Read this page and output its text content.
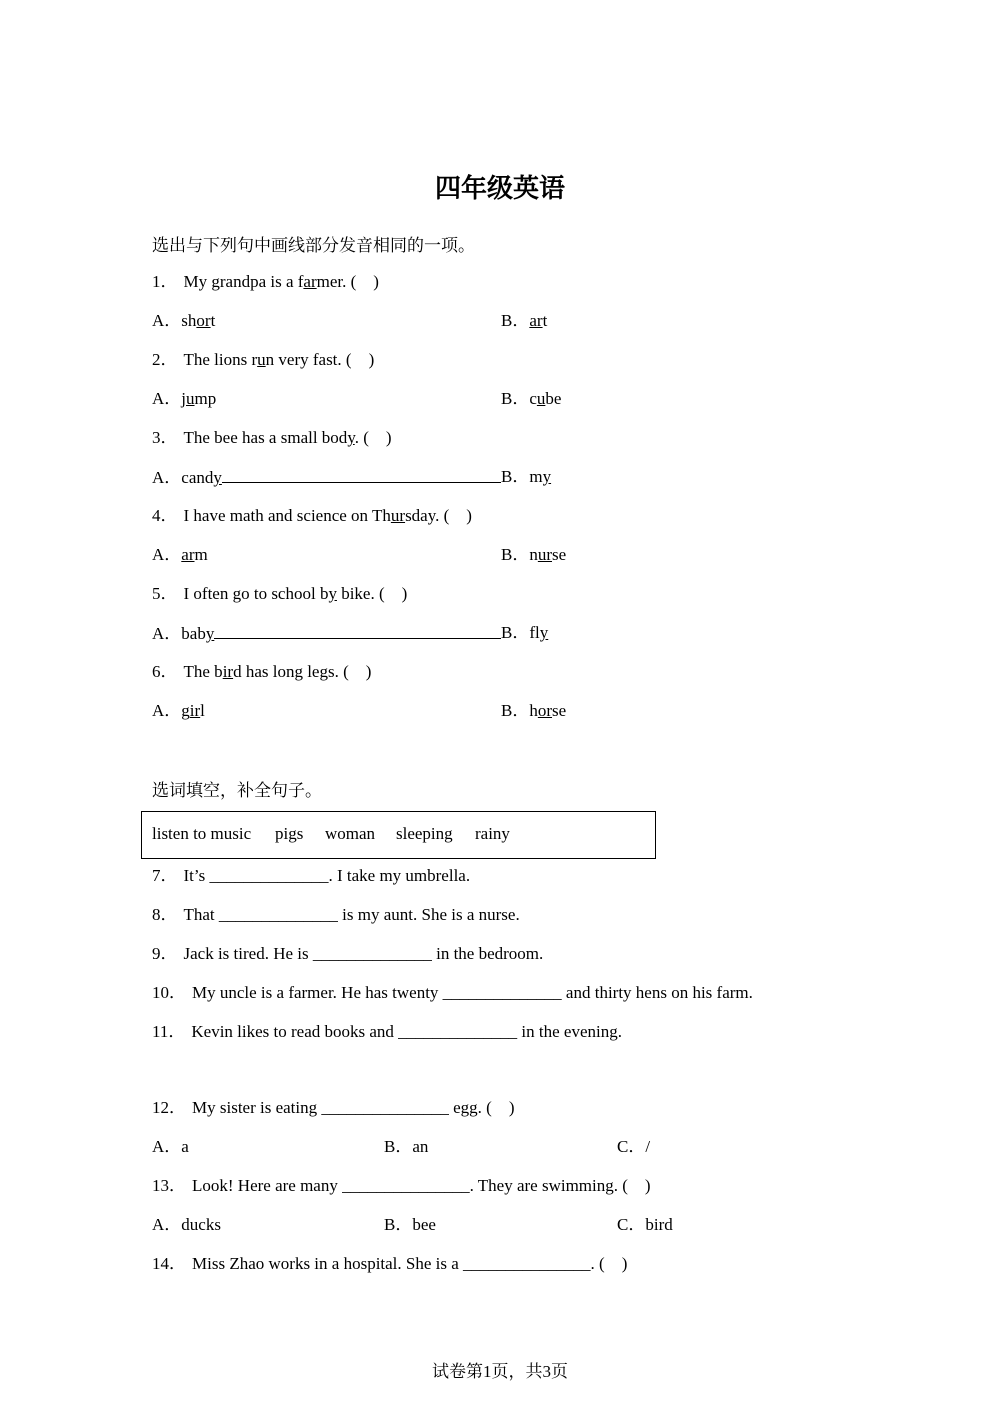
四年级英语
选出与下列句中画线部分发音相同的一项。
1． My grandpa is a farmer. (　)
A．short	B．art
2． The lions run very fast. (　)
A．jump	B．cube
3． The bee has a small body. (　)
A．candy	B．my
4． I have math and science on Thursday. (　)
A．arm	B．nurse
5． I often go to school by bike. (　)
A．baby	B．fly
6． The bird has long legs. (　)
A．girl	B．horse
选词填空，补全句子。
listen to music pigs woman sleeping rainy
7． It’s ______________. I take my umbrella.
8． That ______________ is my aunt. She is a nurse.
9． Jack is tired. He is ______________ in the bedroom.
10． My uncle is a farmer. He has twenty ______________ and thirty hens on his farm.
11． Kevin likes to read books and ______________ in the evening.
12． My sister is eating _______________ egg. (　)
A．a	B．an	C．/
13． Look! Here are many _______________. They are swimming. (　)
A．ducks	B．bee	C．bird
14． Miss Zhao works in a hospital. She is a _______________. (　)
试卷第1页，共3页
